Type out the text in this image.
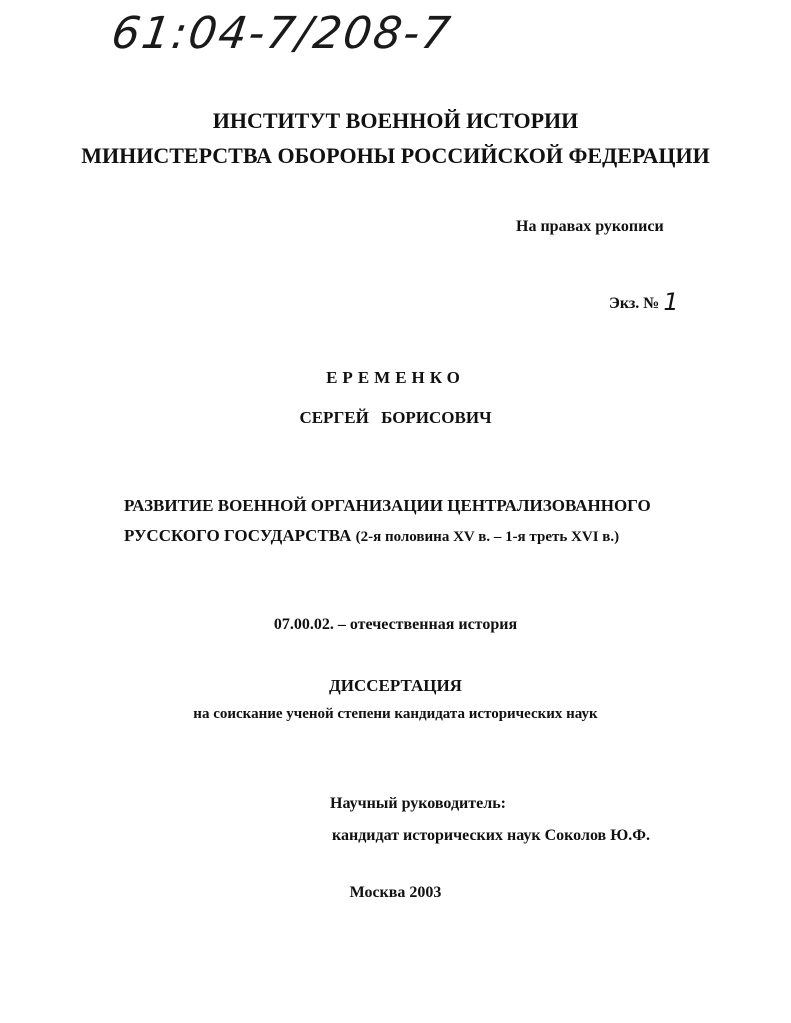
61:04-7/208-7
ИНСТИТУТ ВОЕННОЙ ИСТОРИИ
МИНИСТЕРСТВА ОБОРОНЫ РОССИЙСКОЙ ФЕДЕРАЦИИ
На правах рукописи
Экз. № 1
ЕРЕМЕНКО
СЕРГЕЙ БОРИСОВИЧ
РАЗВИТИЕ ВОЕННОЙ ОРГАНИЗАЦИИ ЦЕНТРАЛИЗОВАННОГО
РУССКОГО ГОСУДАРСТВА (2-я половина XV в. – 1-я треть XVI в.)
07.00.02. – отечественная история
ДИССЕРТАЦИЯ
на соискание ученой степени кандидата исторических наук
Научный руководитель:
кандидат исторических наук Соколов Ю.Ф.
Москва 2003
